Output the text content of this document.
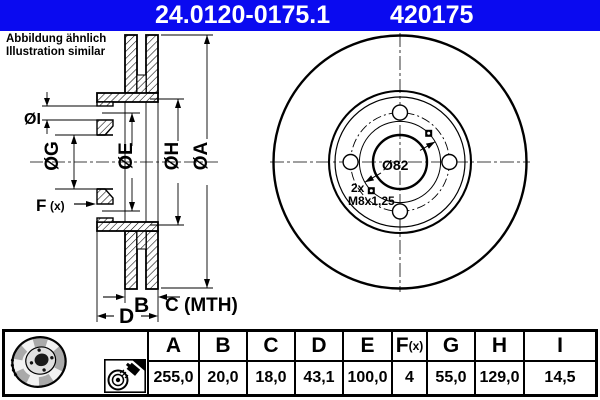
24.0120-0175.1 420175
Abbildung ähnlich
Illustration similar
ØI
ØG	ØE ØH ØA
F (x)
B C (MTH)
D
Ø82
2x
M8x1,25
A B C D E F (x) G H I
255,0 20,0	18,0	43,1 100,0	4	55,0 129,0	14,5
